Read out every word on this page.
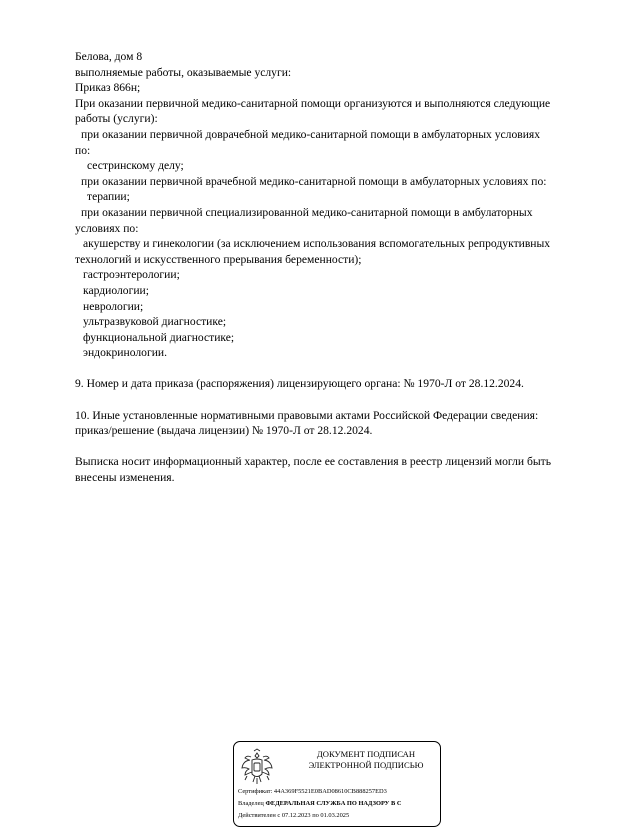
Белова, дом 8
выполняемые работы, оказываемые услуги:
Приказ 866н;
При оказании первичной медико-санитарной помощи организуются и выполняются следующие
работы (услуги):
при оказании первичной доврачебной медико-санитарной помощи в амбулаторных условиях
по:
сестринскому делу;
при оказании первичной врачебной медико-санитарной помощи в амбулаторных условиях по:
терапии;
при оказании первичной специализированной медико-санитарной помощи в амбулаторных
условиях по:
акушерству и гинекологии (за исключением использования вспомогательных репродуктивных
технологий и искусственного прерывания беременности);
гастроэнтерологии;
кардиологии;
неврологии;
ультразвуковой диагностике;
функциональной диагностике;
эндокринологии.
9. Номер и дата приказа (распоряжения) лицензирующего органа: № 1970-Л от 28.12.2024.
10. Иные установленные нормативными правовыми актами Российской Федерации сведения:
приказ/решение (выдача лицензии) № 1970-Л от 28.12.2024.
Выписка носит информационный характер, после ее составления в реестр лицензий могли быть
внесены изменения.
ДОКУМЕНТ ПОДПИСАН
ЭЛЕКТРОННОЙ ПОДПИСЬЮ
Сертификат: 44A369F5521E0BAD08610CB888257ED3
Владелец ФЕДЕРАЛЬНАЯ СЛУЖБА ПО НАДЗОРУ В С
Действителен с 07.12.2023 по 01.03.2025
